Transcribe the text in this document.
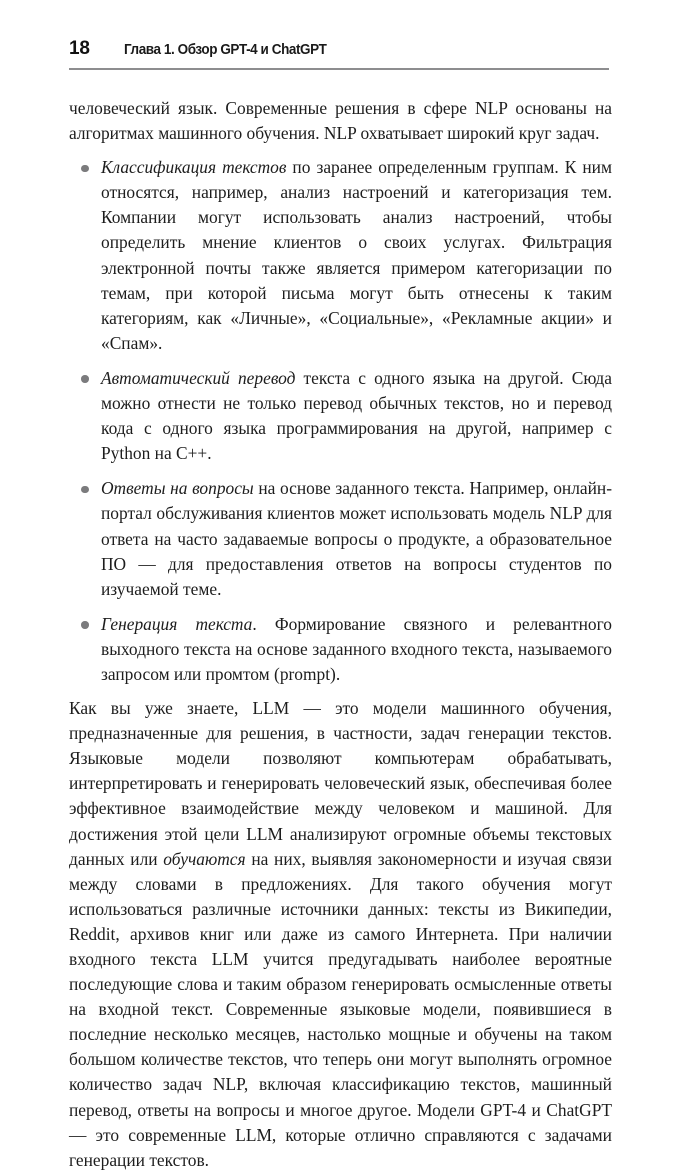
18	Глава 1. Обзор GPT-4 и ChatGPT

человеческий язык. Современные решения в сфере NLP основаны на алгоритмах машинного обучения. NLP охватывает широкий круг задач.

Классификация текстов по заранее определенным группам. К ним относятся, например, анализ настроений и категоризация тем. Компании могут использовать анализ настроений, чтобы определить мнение клиентов о своих услугах. Фильтрация электронной почты также является примером категоризации по темам, при которой письма могут быть отнесены к таким категориям, как «Личные», «Социальные», «Рекламные акции» и «Спам».
Автоматический перевод текста с одного языка на другой. Сюда можно отнести не только перевод обычных текстов, но и перевод кода с одного языка программирования на другой, например с Python на C++.
Ответы на вопросы на основе заданного текста. Например, онлайн-портал обслуживания клиентов может использовать модель NLP для ответа на часто задаваемые вопросы о продукте, а образовательное ПО — для предоставления ответов на вопросы студентов по изучаемой теме.
Генерация текста. Формирование связного и релевантного выходного текста на основе заданного входного текста, называемого запросом или промтом (prompt).

Как вы уже знаете, LLM — это модели машинного обучения, предназначенные для решения, в частности, задач генерации текстов. Языковые модели позволяют компьютерам обрабатывать, интерпретировать и генерировать человеческий язык, обеспечивая более эффективное взаимодействие между человеком и машиной. Для достижения этой цели LLM анализируют огромные объемы текстовых данных или обучаются на них, выявляя закономерности и изучая связи между словами в предложениях. Для такого обучения могут использоваться различные источники данных: тексты из Википедии, Reddit, архивов книг или даже из самого Интернета. При наличии входного текста LLM учится предугадывать наиболее вероятные последующие слова и таким образом генерировать осмысленные ответы на входной текст. Современные языковые модели, появившиеся в последние несколько месяцев, настолько мощные и обучены на таком большом количестве текстов, что теперь они могут выполнять огромное количество задач NLP, включая классификацию текстов, машинный перевод, ответы на вопросы и многое другое. Модели GPT-4 и ChatGPT — это современные LLM, которые отлично справляются с задачами генерации текстов.
